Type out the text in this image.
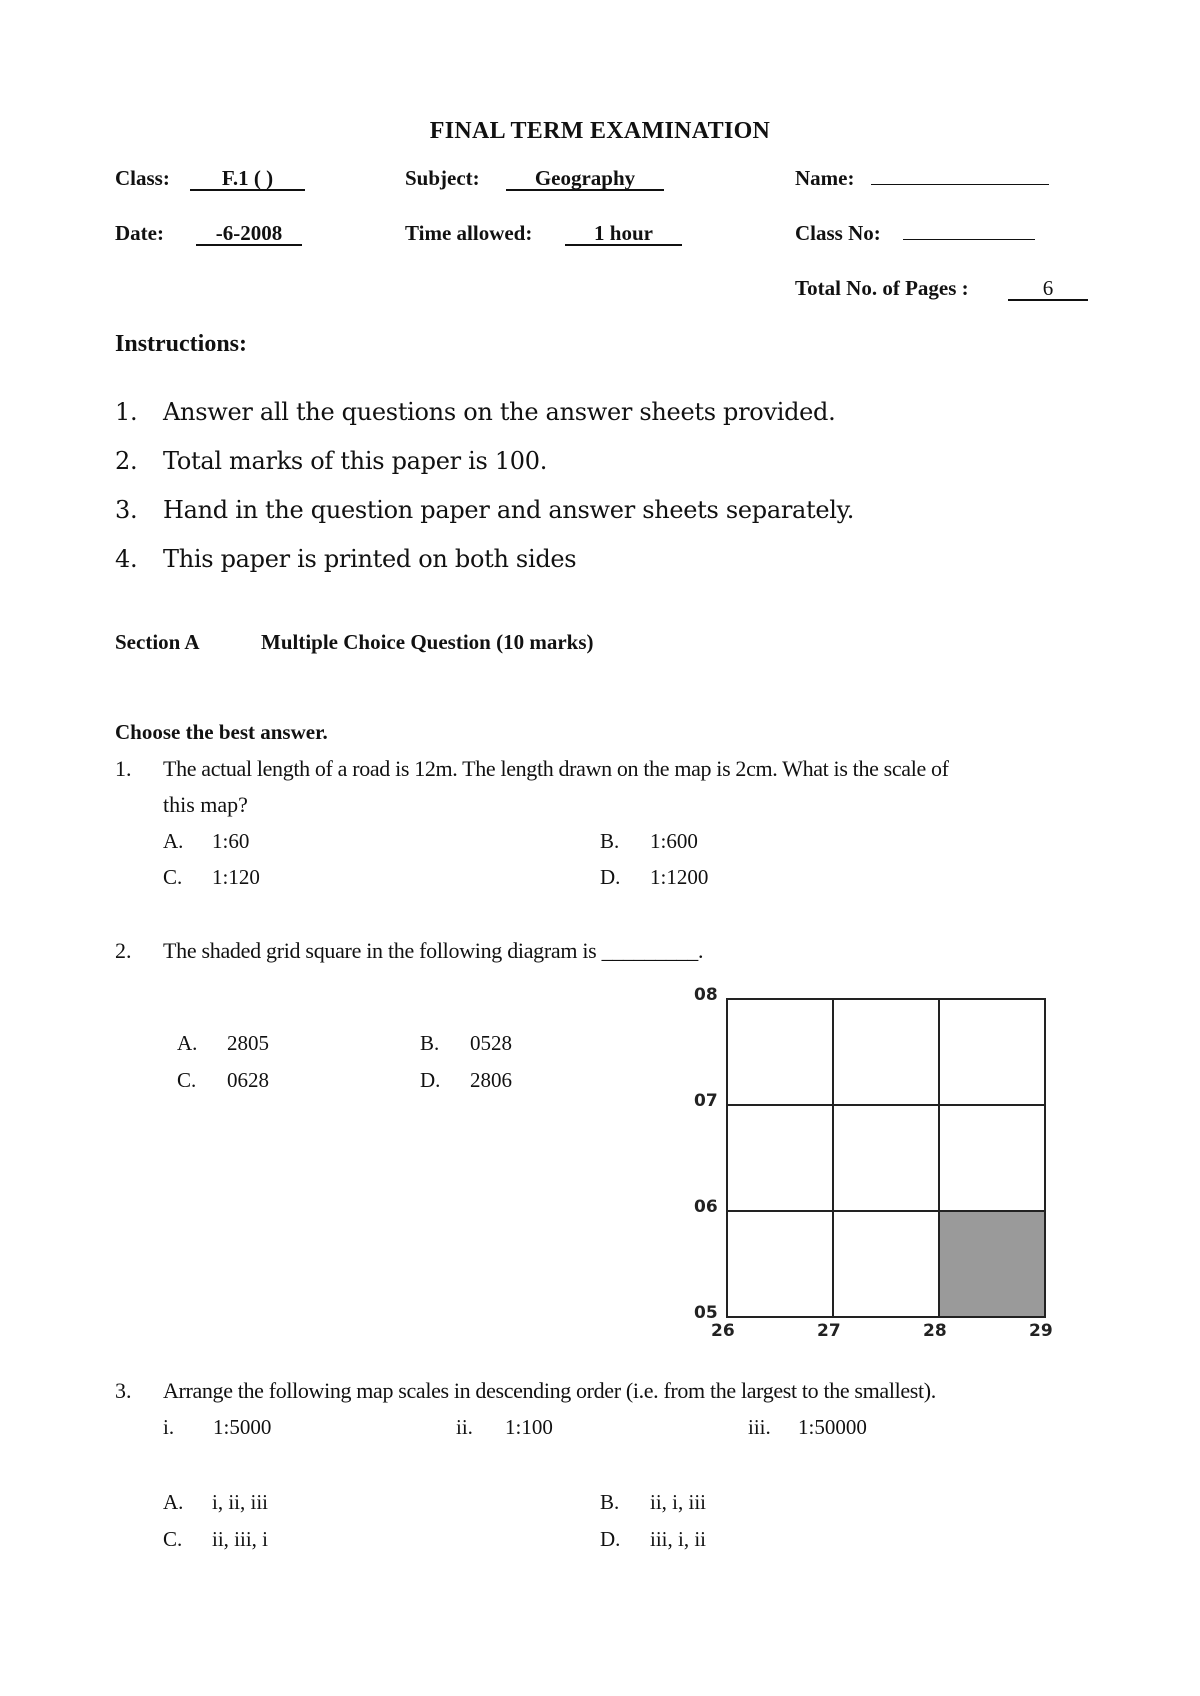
FINAL TERM EXAMINATION
Class:	F.1 ( )	Subject:	Geography	Name:
Date:	-6-2008	Time allowed:	1 hour	Class No:
Total No. of Pages :	6
Instructions:
1. Answer all the questions on the answer sheets provided.
2. Total marks of this paper is 100.
3. Hand in the question paper and answer sheets separately.
4. This paper is printed on both sides
Section A	Multiple Choice Question (10 marks)
Choose the best answer.
1. The actual length of a road is 12m. The length drawn on the map is 2cm. What is the scale of
this map?
A. 1:60	B. 1:600
C. 1:120	D. 1:1200
2. The shaded grid square in the following diagram is _________.
A. 2805	B. 0528
C. 0628	D. 2806
08
07
06
05
26	27	28	29
3. Arrange the following map scales in descending order (i.e. from the largest to the smallest).
i. 1:5000	ii. 1:100	iii. 1:50000
A. i, ii, iii	B. ii, i, iii
C. ii, iii, i	D. iii, i, ii
